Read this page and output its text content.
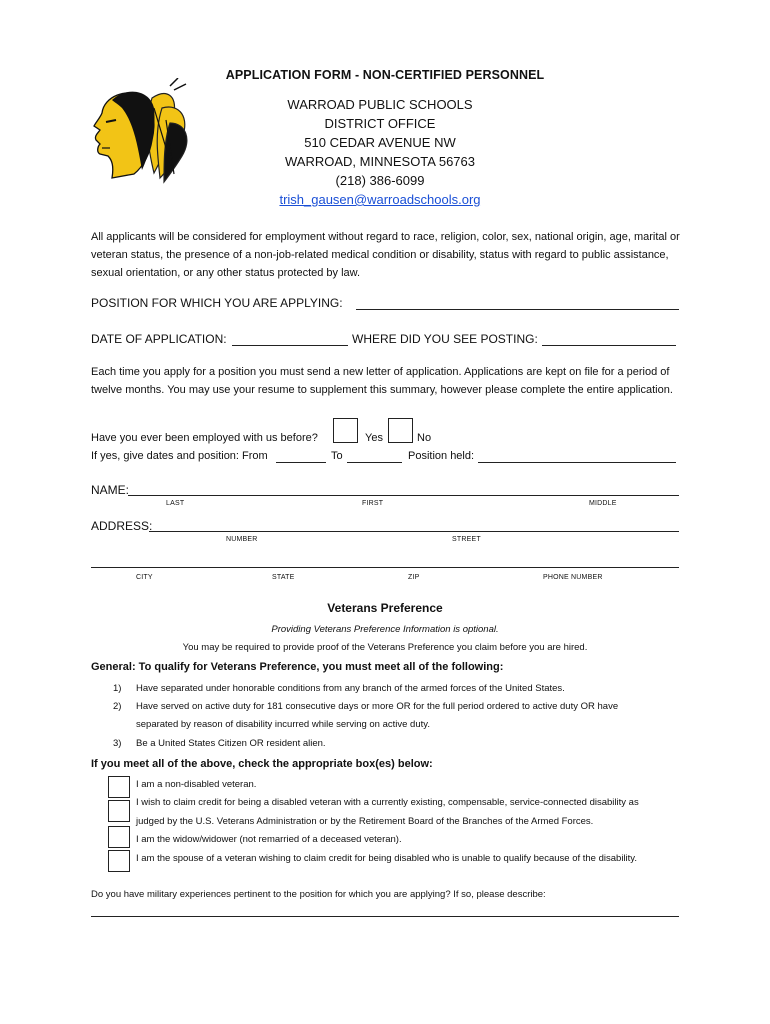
APPLICATION FORM - NON-CERTIFIED PERSONNEL
WARROAD PUBLIC SCHOOLS
DISTRICT OFFICE
510 CEDAR AVENUE NW
WARROAD, MINNESOTA 56763
(218) 386-6099
trish_gausen@warroadschools.org
All applicants will be considered for employment without regard to race, religion, color, sex, national origin, age, marital or veteran status, the presence of a non-job-related medical condition or disability, status with regard to public assistance, sexual orientation, or any other status protected by law.
POSITION FOR WHICH YOU ARE APPLYING:
DATE OF APPLICATION:	WHERE DID YOU SEE POSTING:
Each time you apply for a position you must send a new letter of application. Applications are kept on file for a period of twelve months. You may use your resume to supplement this summary, however please complete the entire application.
Have you ever been employed with us before?	Yes	No
If yes, give dates and position: From	To	Position held:
NAME:
LAST	FIRST	MIDDLE
ADDRESS:
NUMBER	STREET
CITY	STATE	ZIP	PHONE NUMBER
Veterans Preference
Providing Veterans Preference Information is optional.
You may be required to provide proof of the Veterans Preference you claim before you are hired.
General: To qualify for Veterans Preference, you must meet all of the following:
1) Have separated under honorable conditions from any branch of the armed forces of the United States.
2) Have served on active duty for 181 consecutive days or more OR for the full period ordered to active duty OR have
separated by reason of disability incurred while serving on active duty.
3) Be a United States Citizen OR resident alien.
If you meet all of the above, check the appropriate box(es) below:
I am a non-disabled veteran.
I wish to claim credit for being a disabled veteran with a currently existing, compensable, service-connected disability as
judged by the U.S. Veterans Administration or by the Retirement Board of the Branches of the Armed Forces.
I am the widow/widower (not remarried of a deceased veteran).
I am the spouse of a veteran wishing to claim credit for being disabled who is unable to qualify because of the disability.
Do you have military experiences pertinent to the position for which you are applying? If so, please describe:
